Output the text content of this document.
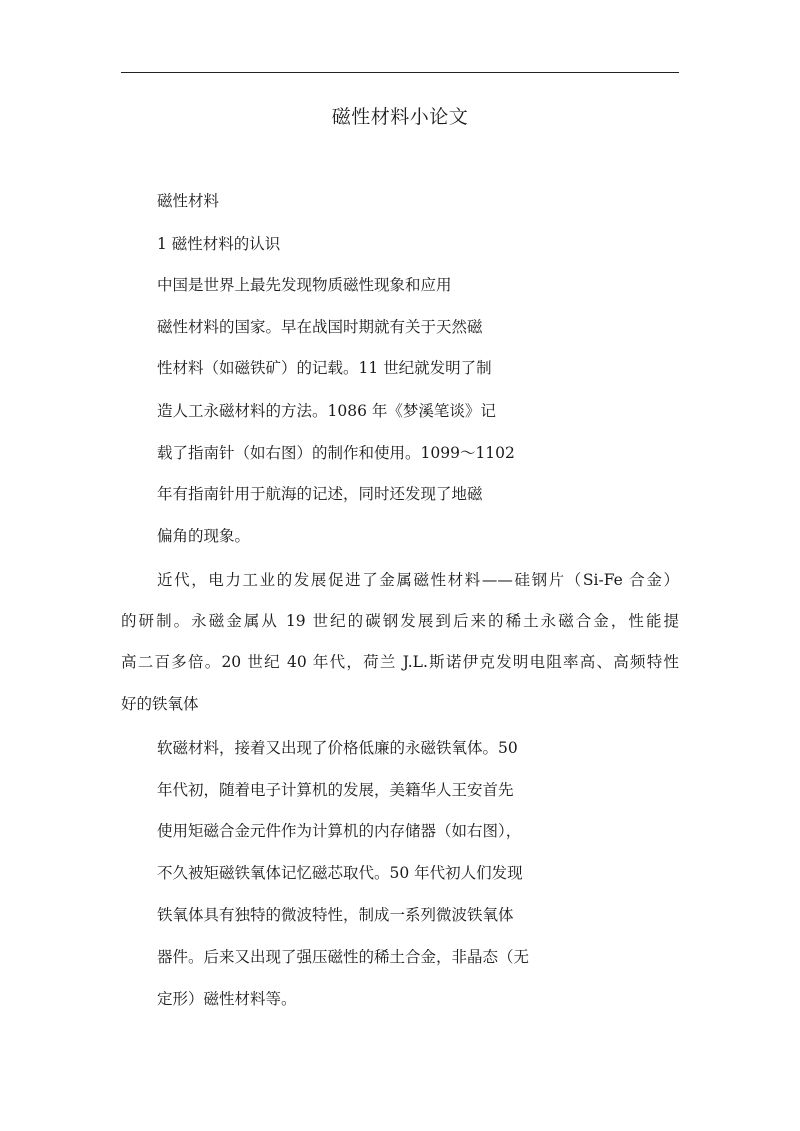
磁性材料小论文

磁性材料

1 磁性材料的认识

中国是世界上最先发现物质磁性现象和应用

磁性材料的国家。早在战国时期就有关于天然磁

性材料（如磁铁矿）的记载。11 世纪就发明了制

造人工永磁材料的方法。1086 年《梦溪笔谈》记

载了指南针（如右图）的制作和使用。1099～1102

年有指南针用于航海的记述，同时还发现了地磁

偏角的现象。

近代，电力工业的发展促进了金属磁性材料——硅钢片（Si-Fe 合金）

的研制。永磁金属从 19 世纪的碳钢发展到后来的稀土永磁合金，性能提

高二百多倍。20 世纪 40 年代，荷兰 J.L.斯诺伊克发明电阻率高、高频特性

好的铁氧体

软磁材料，接着又出现了价格低廉的永磁铁氧体。50

年代初，随着电子计算机的发展，美籍华人王安首先

使用矩磁合金元件作为计算机的内存储器（如右图），

不久被矩磁铁氧体记忆磁芯取代。50 年代初人们发现

铁氧体具有独特的微波特性，制成一系列微波铁氧体

器件。后来又出现了强压磁性的稀土合金，非晶态（无

定形）磁性材料等。
